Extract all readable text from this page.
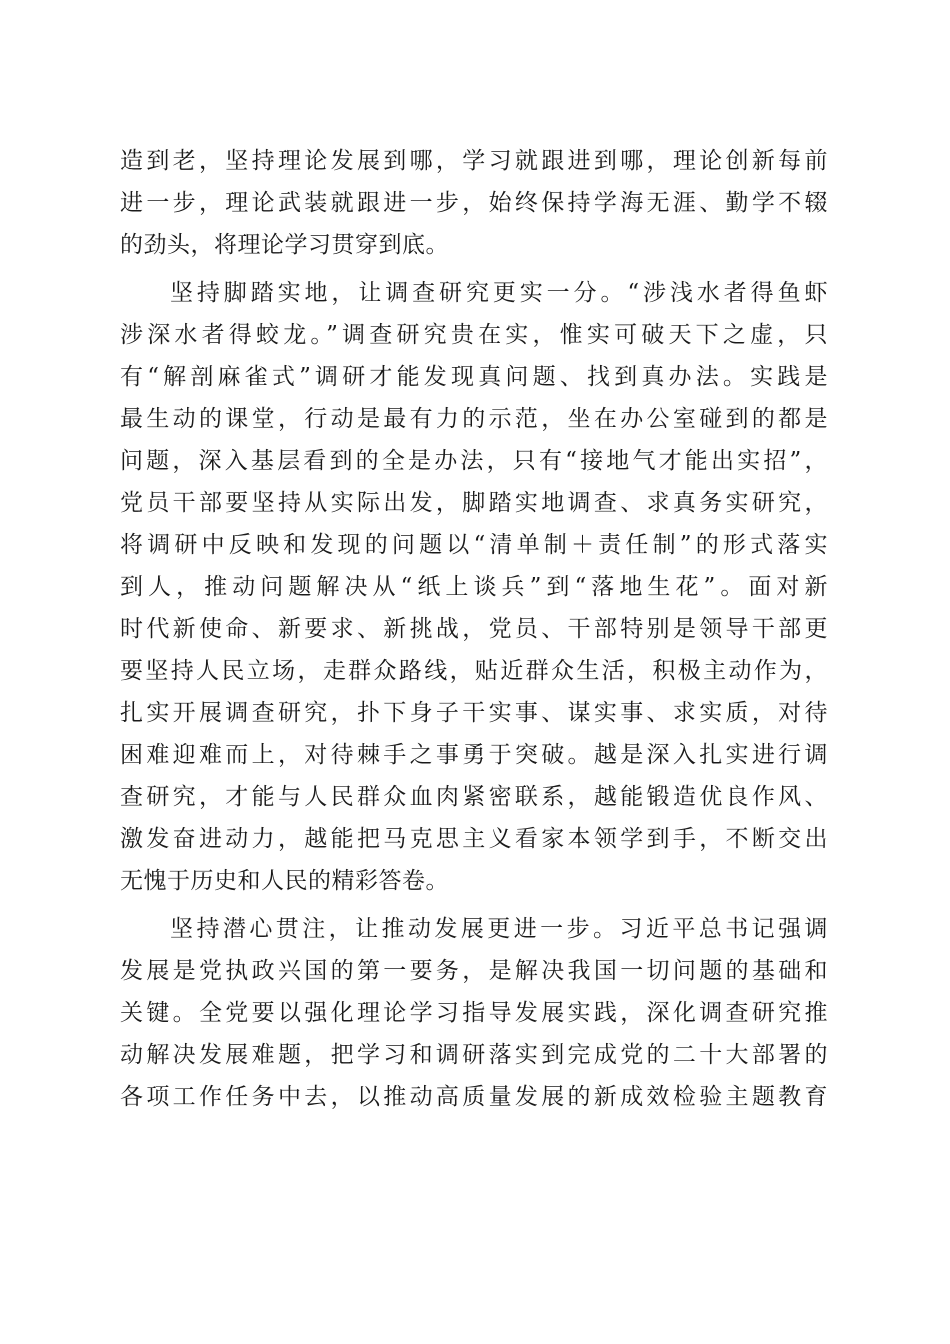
造到老，坚持理论发展到哪，学习就跟进到哪，理论创新每前
进一步，理论武装就跟进一步，始终保持学海无涯、勤学不辍
的劲头，将理论学习贯穿到底。
坚持脚踏实地，让调查研究更实一分。“涉浅水者得鱼虾
涉深水者得蛟龙。”调查研究贵在实，惟实可破天下之虚，只
有“解剖麻雀式”调研才能发现真问题、找到真办法。实践是
最生动的课堂，行动是最有力的示范，坐在办公室碰到的都是
问题，深入基层看到的全是办法，只有“接地气才能出实招”，
党员干部要坚持从实际出发，脚踏实地调查、求真务实研究，
将调研中反映和发现的问题以“清单制＋责任制”的形式落实
到人，推动问题解决从“纸上谈兵”到“落地生花”。面对新
时代新使命、新要求、新挑战，党员、干部特别是领导干部更
要坚持人民立场，走群众路线，贴近群众生活，积极主动作为，
扎实开展调查研究，扑下身子干实事、谋实事、求实质，对待
困难迎难而上，对待棘手之事勇于突破。越是深入扎实进行调
查研究，才能与人民群众血肉紧密联系，越能锻造优良作风、
激发奋进动力，越能把马克思主义看家本领学到手，不断交出
无愧于历史和人民的精彩答卷。
坚持潜心贯注，让推动发展更进一步。习近平总书记强调
发展是党执政兴国的第一要务，是解决我国一切问题的基础和
关键。全党要以强化理论学习指导发展实践，深化调查研究推
动解决发展难题，把学习和调研落实到完成党的二十大部署的
各项工作任务中去，以推动高质量发展的新成效检验主题教育
